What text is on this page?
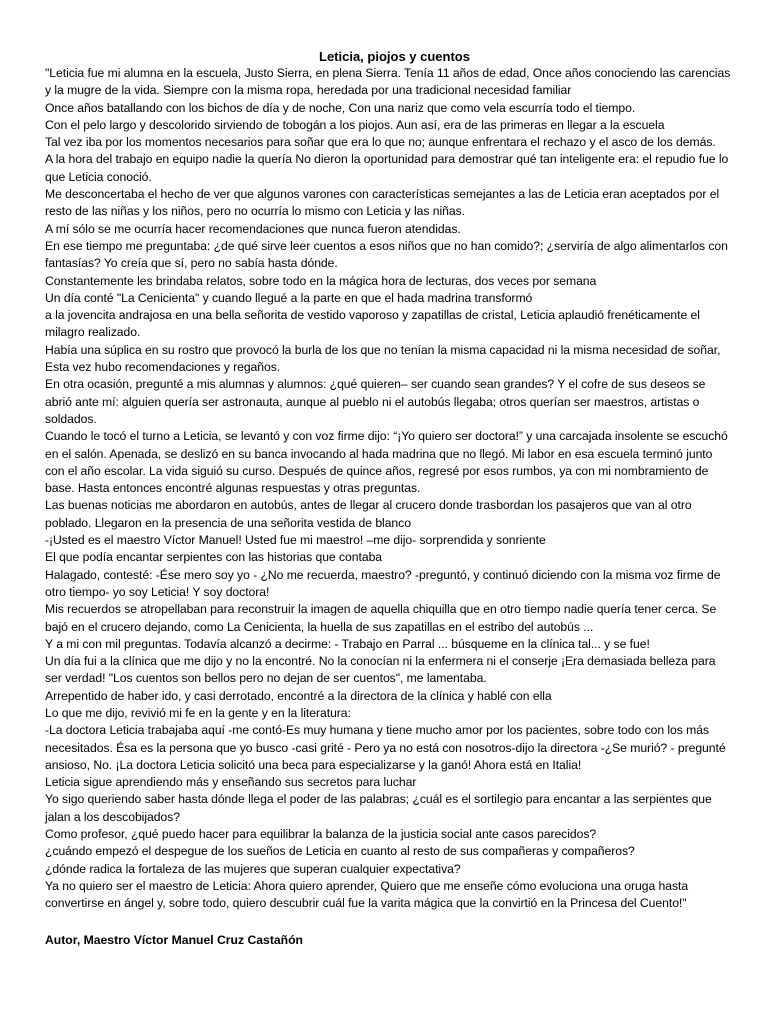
Leticia, piojos y cuentos

"Leticia fue mi alumna en la escuela, Justo Sierra, en plena Sierra. Tenía 11 años de edad, Once años conociendo las carencias y la mugre de la vida. Siempre con la misma ropa, heredada por una tradicional necesidad familiar

Once años batallando con los bichos de día y de noche, Con una nariz que como vela escurría todo el tiempo.

Con el pelo largo y descolorido sirviendo de tobogán a los piojos. Aun así, era de las primeras en llegar a la escuela

Tal vez iba por los momentos necesarios para soñar que era lo que no; aunque enfrentara el rechazo y el asco de los demás.

A la hora del trabajo en equipo nadie la quería No dieron la oportunidad para demostrar qué tan inteligente era: el repudio fue lo que Leticia conoció.

Me desconcertaba el hecho de ver que algunos varones con características semejantes a las de Leticia eran aceptados por el resto de las niñas y los niños, pero no ocurría lo mismo con Leticia y las niñas.

A mí sólo se me ocurría hacer recomendaciones que nunca fueron atendidas.

En ese tiempo me preguntaba: ¿de qué sirve leer cuentos a esos niños que no han comido?; ¿serviría de algo alimentarlos con fantasías? Yo creía que sí, pero no sabía hasta dónde.

Constantemente les brindaba relatos, sobre todo en la mágica hora de lecturas, dos veces por semana

Un día conté "La Cenicienta" y cuando llegué a la parte en que el hada madrina transformó

a la jovencita andrajosa en una bella señorita de vestido vaporoso y zapatillas de cristal, Leticia aplaudió frenéticamente el milagro realizado.

Había una súplica en su rostro que provocó la burla de los que no tenían la misma capacidad ni la misma necesidad de soñar, Esta vez hubo recomendaciones y regaños.

En otra ocasión, pregunté a mis alumnas y alumnos: ¿qué quieren– ser cuando sean grandes? Y el cofre de sus deseos se abrió ante mí: alguien quería ser astronauta, aunque al pueblo ni el autobús llegaba; otros querían ser maestros, artistas o soldados.

Cuando le tocó el turno a Leticia, se levantó y con voz firme dijo: “¡Yo quiero ser doctora!” y una carcajada insolente se escuchó en el salón. Apenada, se deslizó en su banca invocando al hada madrina que no llegó. Mi labor en esa escuela terminó junto con el año escolar. La vida siguió su curso. Después de quince años, regresé por esos rumbos, ya con mi nombramiento de base. Hasta entonces encontré algunas respuestas y otras preguntas.

Las buenas noticias me abordaron en autobús, antes de llegar al crucero donde trasbordan los pasajeros que van al otro poblado. Llegaron en la presencia de una señorita vestida de blanco

-¡Usted es el maestro Víctor Manuel! Usted fue mi maestro! –me dijo- sorprendida y sonriente

El que podía encantar serpientes con las historias que contaba

Halagado, contesté: -Ése mero soy yo - ¿No me recuerda, maestro? -preguntó, y continuó diciendo con la misma voz firme de otro tiempo- yo soy Leticia! Y soy doctora!

Mis recuerdos se atropellaban para reconstruir la imagen de aquella chiquilla que en otro tiempo nadie quería tener cerca. Se bajó en el crucero dejando, como La Cenicienta, la huella de sus zapatillas en el estribo del autobús ...

Y a mi con mil preguntas. Todavía alcanzó a decirme: - Trabajo en Parral ... búsqueme en la clínica tal... y se fue!

Un día fui a la clínica que me dijo y no la encontré. No la conocían ni la enfermera ni el conserje ¡Era demasiada belleza para ser verdad! "Los cuentos son bellos pero no dejan de ser cuentos", me lamentaba.

Arrepentido de haber ido, y casi derrotado, encontré a la directora de la clínica y hablé con ella

Lo que me dijo, revivió mi fe en la gente y en la literatura:

-La doctora Leticia trabajaba aquí -me contó-Es muy humana y tiene mucho amor por los pacientes, sobre todo con los más necesitados. Ésa es la persona que yo busco -casi grité - Pero ya no está con nosotros-dijo la directora -¿Se murió? - pregunté ansioso, No. ¡La doctora Leticia solicitó una beca para especializarse y la ganó! Ahora está en Italia!

Leticia sigue aprendiendo más y enseñando sus secretos para luchar

Yo sigo queriendo saber hasta dónde llega el poder de las palabras; ¿cuál es el sortilegio para encantar a las serpientes que jalan a los descobijados?

Como profesor, ¿qué puedo hacer para equilibrar la balanza de la justicia social ante casos parecidos?

¿cuándo empezó el despegue de los sueños de Leticia en cuanto al resto de sus compañeras y compañeros?

¿dónde radica la fortaleza de las mujeres que superan cualquier expectativa?

Ya no quiero ser el maestro de Leticia: Ahora quiero aprender, Quiero que me enseñe cómo evoluciona una oruga hasta convertirse en ángel y, sobre todo, quiero descubrir cuál fue la varita mágica que la convirtió en la Princesa del Cuento!"

Autor, Maestro Víctor Manuel Cruz Castañón
